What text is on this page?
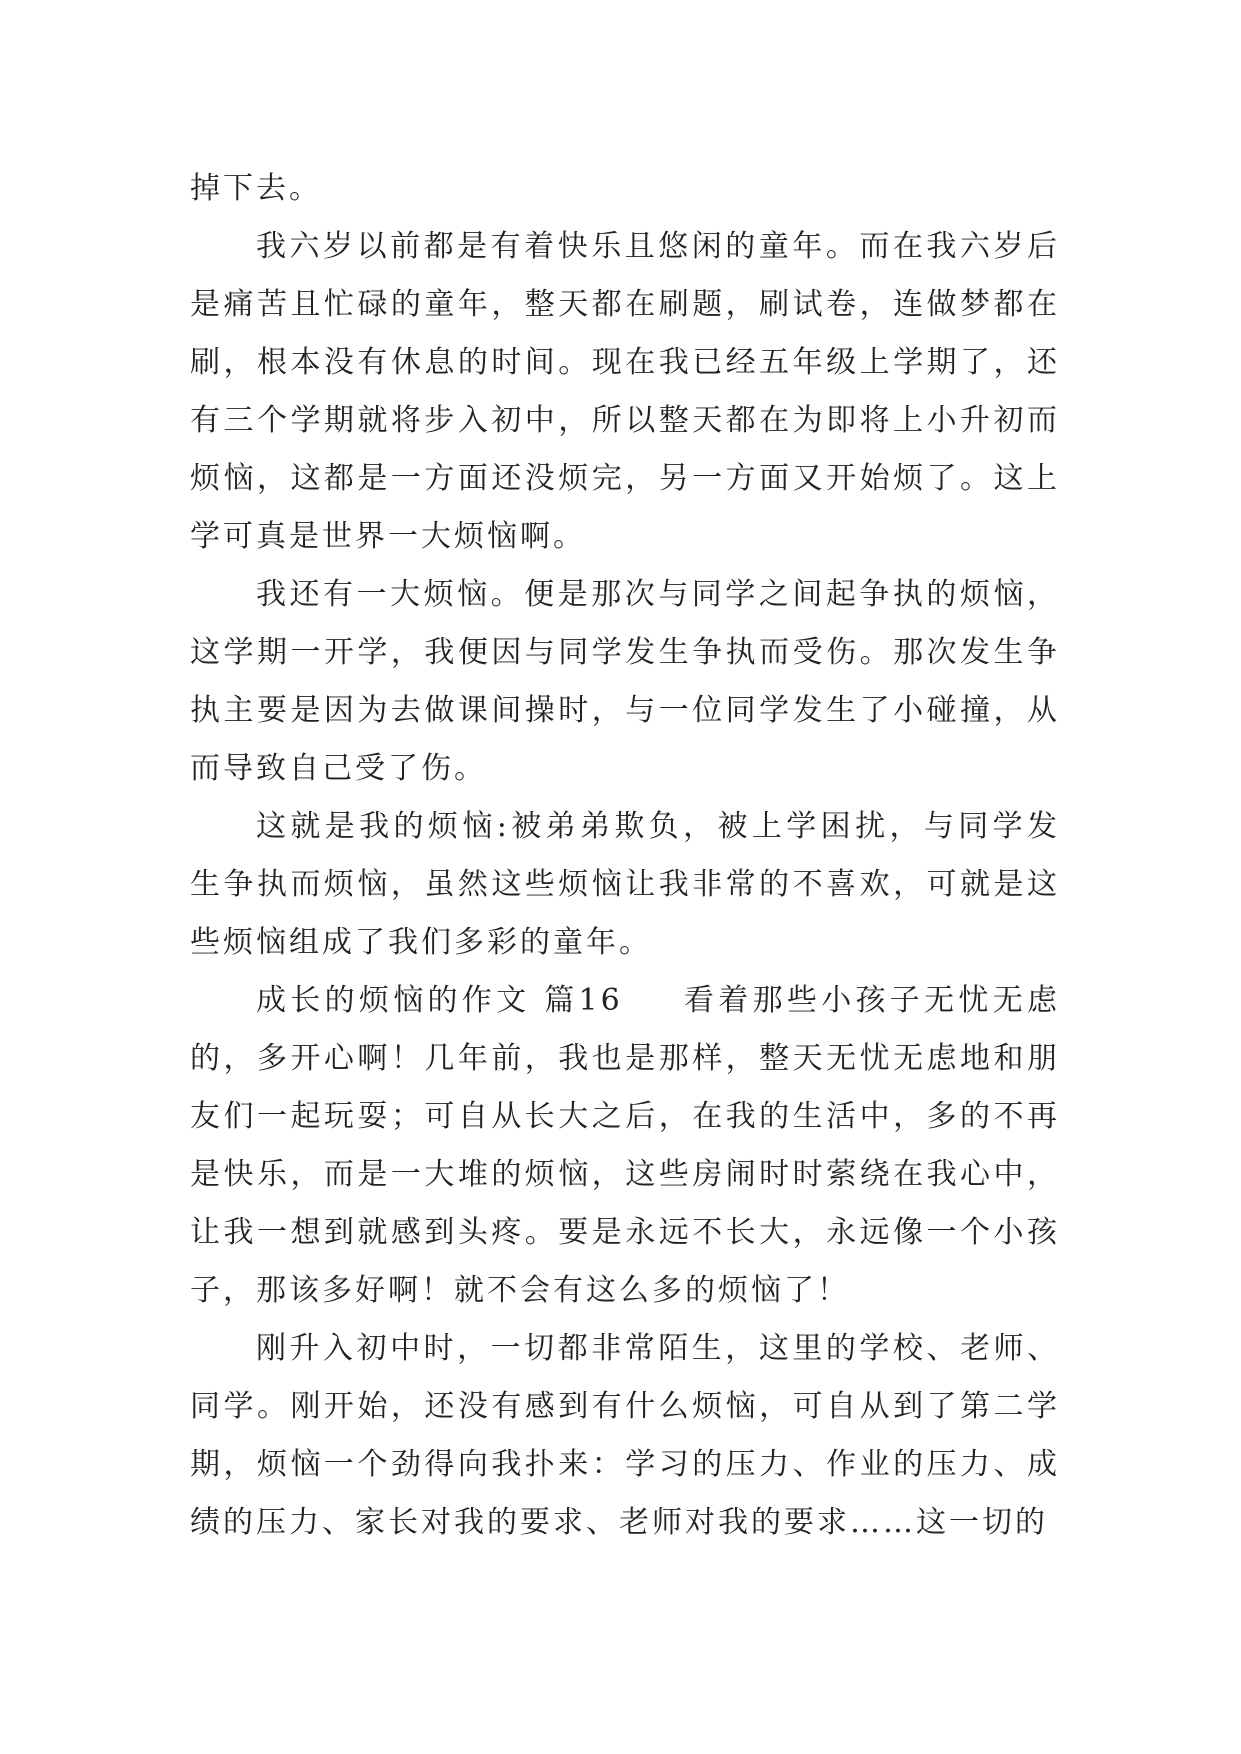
掉下去。

我六岁以前都是有着快乐且悠闲的童年。而在我六岁后是痛苦且忙碌的童年，整天都在刷题，刷试卷，连做梦都在刷，根本没有休息的时间。现在我已经五年级上学期了，还有三个学期就将步入初中，所以整天都在为即将上小升初而烦恼，这都是一方面还没烦完，另一方面又开始烦了。这上学可真是世界一大烦恼啊。

我还有一大烦恼。便是那次与同学之间起争执的烦恼，这学期一开学，我便因与同学发生争执而受伤。那次发生争执主要是因为去做课间操时，与一位同学发生了小碰撞，从而导致自己受了伤。

这就是我的烦恼:被弟弟欺负，被上学困扰，与同学发生争执而烦恼，虽然这些烦恼让我非常的不喜欢，可就是这些烦恼组成了我们多彩的童年。

成长的烦恼的作文 篇16 看着那些小孩子无忧无虑的，多开心啊！几年前，我也是那样，整天无忧无虑地和朋友们一起玩耍；可自从长大之后，在我的生活中，多的不再是快乐，而是一大堆的烦恼，这些房闹时时萦绕在我心中，让我一想到就感到头疼。要是永远不长大，永远像一个小孩子，那该多好啊！就不会有这么多的烦恼了！

刚升入初中时，一切都非常陌生，这里的学校、老师、同学。刚开始，还没有感到有什么烦恼，可自从到了第二学期，烦恼一个劲得向我扑来：学习的压力、作业的压力、成绩的压力、家长对我的要求、老师对我的要求……这一切的
